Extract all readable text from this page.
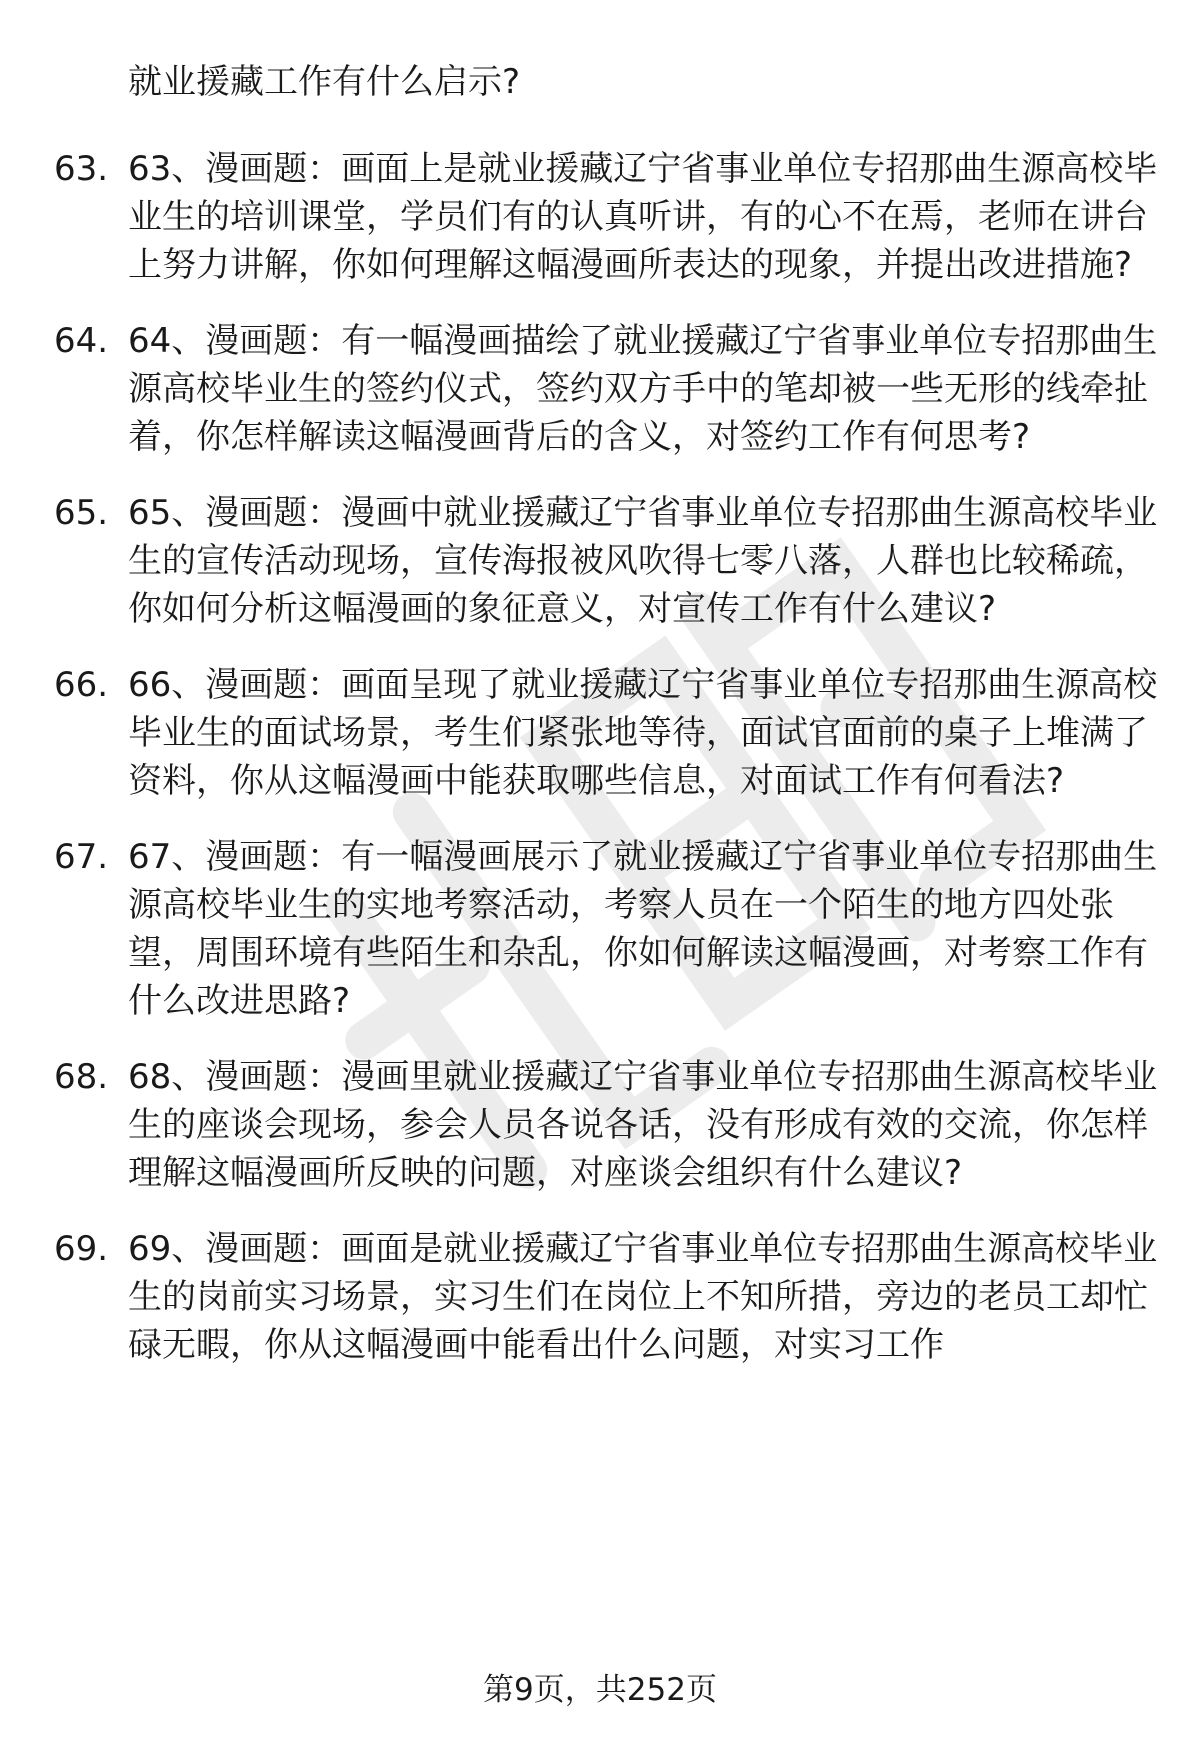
就业援藏工作有什么启示?
63. 63、漫画题：画面上是就业援藏辽宁省事业单位专招那曲生源高校毕业生的培训课堂，学员们有的认真听讲，有的心不在焉，老师在讲台上努力讲解，你如何理解这幅漫画所表达的现象，并提出改进措施?
64. 64、漫画题：有一幅漫画描绘了就业援藏辽宁省事业单位专招那曲生源高校毕业生的签约仪式，签约双方手中的笔却被一些无形的线牵扯着，你怎样解读这幅漫画背后的含义，对签约工作有何思考?
65. 65、漫画题：漫画中就业援藏辽宁省事业单位专招那曲生源高校毕业生的宣传活动现场，宣传海报被风吹得七零八落，人群也比较稀疏，你如何分析这幅漫画的象征意义，对宣传工作有什么建议?
66. 66、漫画题：画面呈现了就业援藏辽宁省事业单位专招那曲生源高校毕业生的面试场景，考生们紧张地等待，面试官面前的桌子上堆满了资料，你从这幅漫画中能获取哪些信息，对面试工作有何看法?
67. 67、漫画题：有一幅漫画展示了就业援藏辽宁省事业单位专招那曲生源高校毕业生的实地考察活动，考察人员在一个陌生的地方四处张望，周围环境有些陌生和杂乱，你如何解读这幅漫画，对考察工作有什么改进思路?
68. 68、漫画题：漫画里就业援藏辽宁省事业单位专招那曲生源高校毕业生的座谈会现场，参会人员各说各话，没有形成有效的交流，你怎样理解这幅漫画所反映的问题，对座谈会组织有什么建议?
69. 69、漫画题：画面是就业援藏辽宁省事业单位专招那曲生源高校毕业生的岗前实习场景，实习生们在岗位上不知所措，旁边的老员工却忙碌无暇，你从这幅漫画中能看出什么问题，对实习工作
第9页，共252页
